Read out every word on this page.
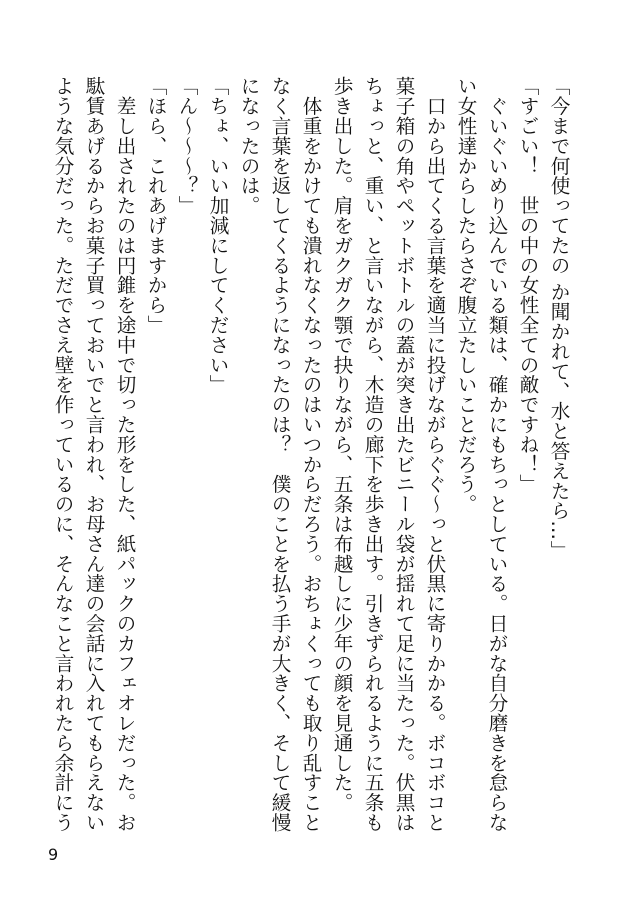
「今まで何使ってたの か聞かれて、水と答えたら…」
「すごい！　世の中の女性全ての敵ですね！」
　ぐいぐいめり込んでいる類は、確かにもちっとしている。日がな自分磨きを怠らな
い女性達からしたらさぞ腹立たしいことだろう。
　口から出てくる言葉を適当に投げながらぐぐ～っと伏黒に寄りかかる。ボコボコと
菓子箱の角やペットボトルの蓋が突き出たビニール袋が揺れて足に当たった。伏黒は
ちょっと、重い、と言いながら、木造の廊下を歩き出す。引きずられるように五条も
歩き出した。肩をガクガク顎で抉りながら、五条は布越しに少年の顔を見通した。
　体重をかけても潰れなくなったのはいつからだろう。おちょくっても取り乱すこと
なく言葉を返してくるようになったのは？　僕のことを払う手が大きく、そして緩慢
になったのは。
「ちょ、いい加減にしてください」
「ん～～～？」
「ほら、これあげますから」
　差し出されたのは円錐を途中で切った形をした、紙パックのカフェオレだった。お
駄賃あげるからお菓子買っておいでと言われ、お母さん達の会話に入れてもらえない
ような気分だった。ただでさえ壁を作っているのに、そんなこと言われたら余計にう
9
